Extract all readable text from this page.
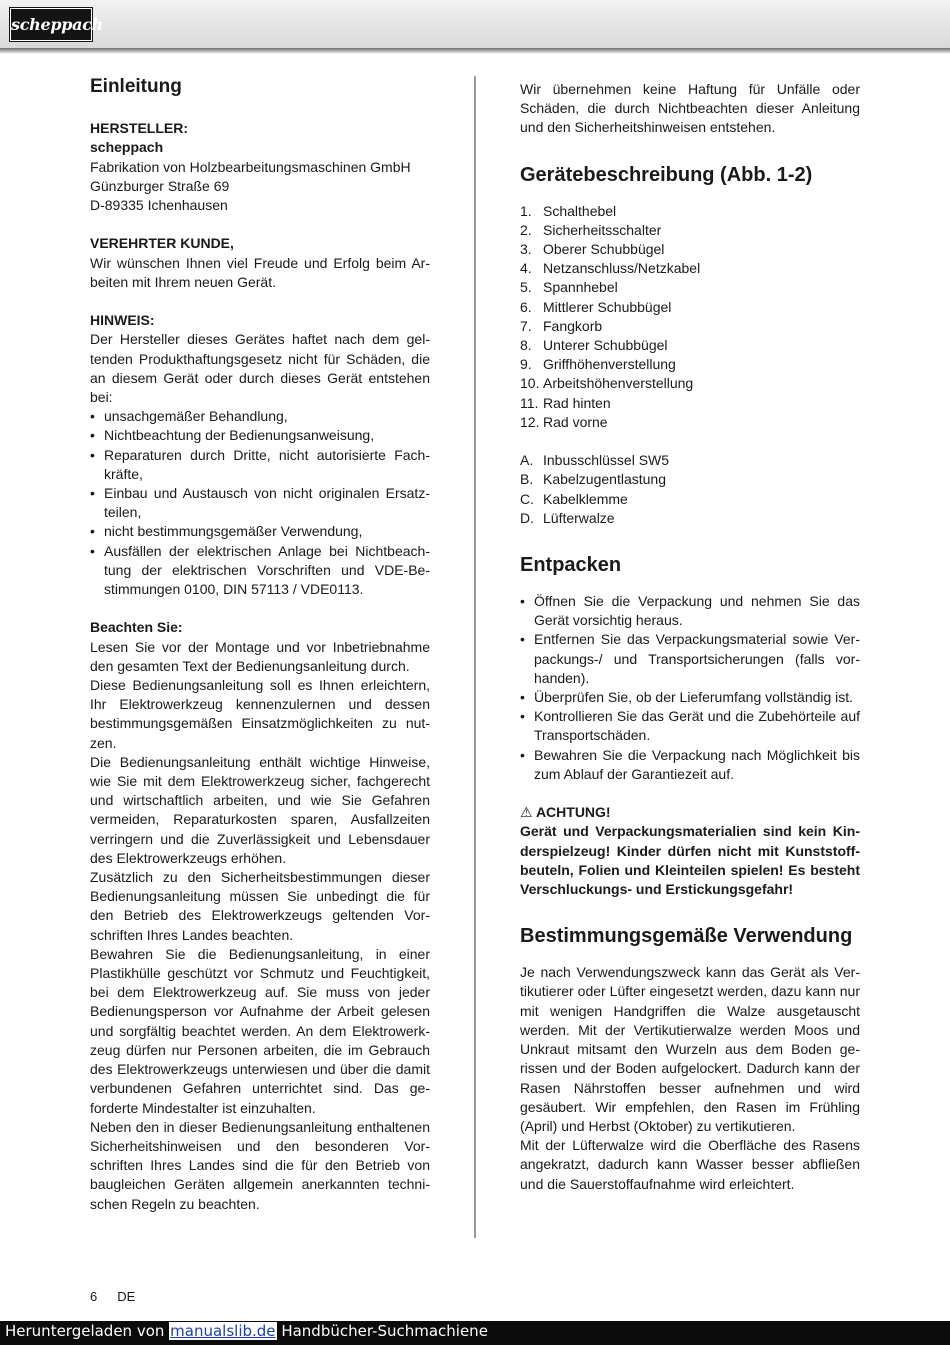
scheppach
Einleitung
HERSTELLER:
scheppach
Fabrikation von Holzbearbeitungsmaschinen GmbH
Günzburger Straße 69
D-89335 Ichenhausen
VEREHRTER KUNDE,

Wir wünschen Ihnen viel Freude und Erfolg beim Arbeiten mit Ihrem neuen Gerät.

HINWEIS:

Der Hersteller dieses Gerätes haftet nach dem geltenden Produkthaftungsgesetz nicht für Schäden, die an diesem Gerät oder durch dieses Gerät entstehen bei:

• unsachgemäßer Behandlung,
• Nichtbeachtung der Bedienungsanweisung,
• Reparaturen durch Dritte, nicht autorisierte Fachkräfte,
• Einbau und Austausch von nicht originalen Ersatzteilen,
• nicht bestimmungsgemäßer Verwendung,
• Ausfällen der elektrischen Anlage bei Nichtbeachtung der elektrischen Vorschriften und VDE-Bestimmungen 0100, DIN 57113 / VDE0113.
Beachten Sie:

Lesen Sie vor der Montage und vor Inbetriebnahme den gesamten Text der Bedienungsanleitung durch.

Diese Bedienungsanleitung soll es Ihnen erleichtern, Ihr Elektrowerkzeug kennenzulernen und dessen bestimmungsgemäßen Einsatzmöglichkeiten zu nutzen.

Die Bedienungsanleitung enthält wichtige Hinweise, wie Sie mit dem Elektrowerkzeug sicher, fachgerecht und wirtschaftlich arbeiten, und wie Sie Gefahren vermeiden, Reparaturkosten sparen, Ausfallzeiten verringern und die Zuverlässigkeit und Lebensdauer des Elektrowerkzeugs erhöhen.

Zusätzlich zu den Sicherheitsbestimmungen dieser Bedienungsanleitung müssen Sie unbedingt die für den Betrieb des Elektrowerkzeugs geltenden Vorschriften Ihres Landes beachten.

Bewahren Sie die Bedienungsanleitung, in einer Plastikhülle geschützt vor Schmutz und Feuchtigkeit, bei dem Elektrowerkzeug auf. Sie muss von jeder Bedienungsperson vor Aufnahme der Arbeit gelesen und sorgfältig beachtet werden. An dem Elektrowerkzeug dürfen nur Personen arbeiten, die im Gebrauch des Elektrowerkzeugs unterwiesen und über die damit verbundenen Gefahren unterrichtet sind. Das geforderte Mindestalter ist einzuhalten.

Neben den in dieser Bedienungsanleitung enthaltenen Sicherheitshinweisen und den besonderen Vorschriften Ihres Landes sind die für den Betrieb von baugleichen Geräten allgemein anerkannten technischen Regeln zu beachten.

Wir übernehmen keine Haftung für Unfälle oder Schäden, die durch Nichtbeachten dieser Anleitung und den Sicherheitshinweisen entstehen.

Gerätebeschreibung (Abb. 1-2)
1. Schalthebel
2. Sicherheitsschalter
3. Oberer Schubbügel
4. Netzanschluss/Netzkabel
5. Spannhebel
6. Mittlerer Schubbügel
7. Fangkorb
8. Unterer Schubbügel
9. Griffhöhenverstellung
10. Arbeitshöhenverstellung
11. Rad hinten
12. Rad vorne
A. Inbusschlüssel SW5
B. Kabelzugentlastung
C. Kabelklemme
D. Lüfterwalze
Entpacken
• Öffnen Sie die Verpackung und nehmen Sie das Gerät vorsichtig heraus.
• Entfernen Sie das Verpackungsmaterial sowie Verpackungs-/ und Transportsicherungen (falls vorhanden).
• Überprüfen Sie, ob der Lieferumfang vollständig ist.
• Kontrollieren Sie das Gerät und die Zubehörteile auf Transportschäden.
• Bewahren Sie die Verpackung nach Möglichkeit bis zum Ablauf der Garantiezeit auf.
⚠ ACHTUNG!

Gerät und Verpackungsmaterialien sind kein Kinderspielzeug! Kinder dürfen nicht mit Kunststoffbeuteln, Folien und Kleinteilen spielen! Es besteht Verschluckungs- und Erstickungsgefahr!

Bestimmungsgemäße Verwendung

Je nach Verwendungszweck kann das Gerät als Vertikutierer oder Lüfter eingesetzt werden, dazu kann nur mit wenigen Handgriffen die Walze ausgetauscht werden. Mit der Vertikutierwalze werden Moos und Unkraut mitsamt den Wurzeln aus dem Boden gerissen und der Boden aufgelockert. Dadurch kann der Rasen Nährstoffen besser aufnehmen und wird gesäubert. Wir empfehlen, den Rasen im Frühling (April) und Herbst (Oktober) zu vertikutieren.

Mit der Lüfterwalze wird die Oberfläche des Rasens angekratzt, dadurch kann Wasser besser abfließen und die Sauerstoffaufnahme wird erleichtert.

6 DE
Heruntergeladen von manualslib.de Handbücher-Suchmachiene
